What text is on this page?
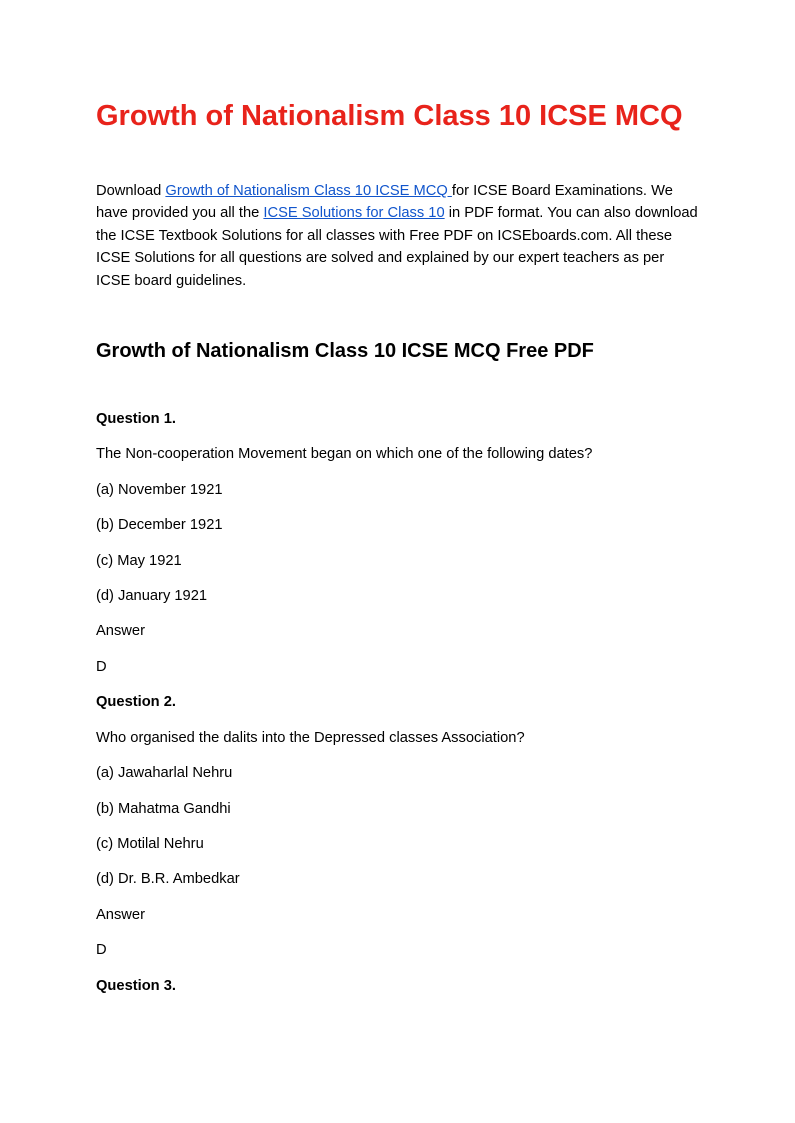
Growth of Nationalism Class 10 ICSE MCQ

Download Growth of Nationalism Class 10 ICSE MCQ for ICSE Board Examinations. We have provided you all the ICSE Solutions for Class 10 in PDF format. You can also download the ICSE Textbook Solutions for all classes with Free PDF on ICSEboards.com. All these ICSE Solutions for all questions are solved and explained by our expert teachers as per ICSE board guidelines.

Growth of Nationalism Class 10 ICSE MCQ Free PDF

Question 1.

The Non-cooperation Movement began on which one of the following dates?

(a) November 1921

(b) December 1921

(c) May 1921

(d) January 1921

Answer

D

Question 2.

Who organised the dalits into the Depressed classes Association?

(a) Jawaharlal Nehru

(b) Mahatma Gandhi

(c) Motilal Nehru

(d) Dr. B.R. Ambedkar

Answer

D

Question 3.
